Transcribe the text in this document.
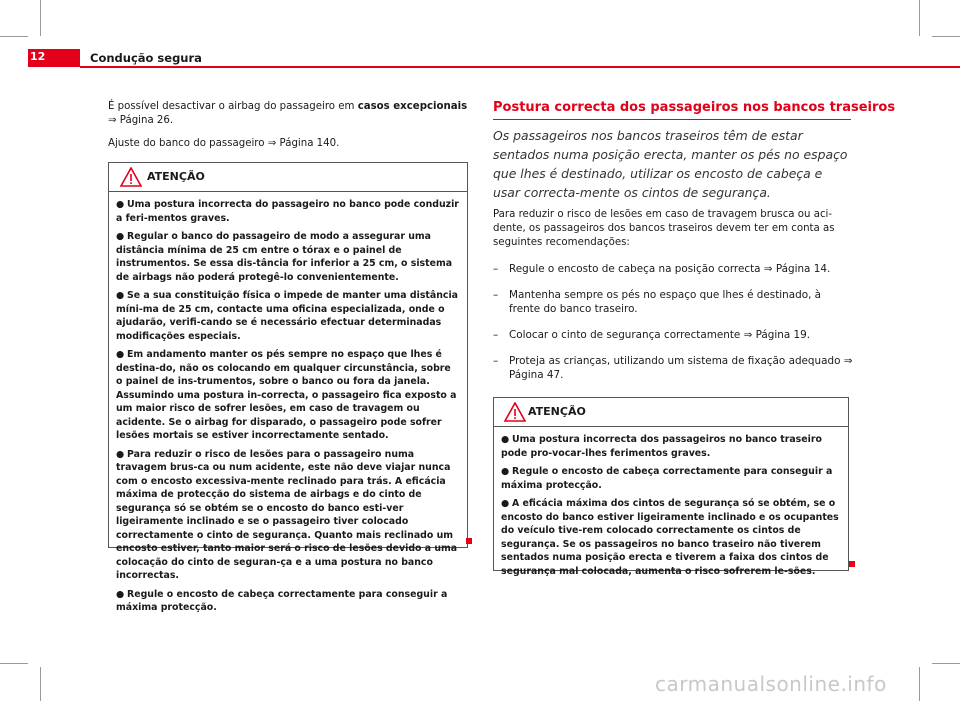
12	Condução segura

É possível desactivar o airbag do passageiro em casos excepcionais

⇒ Página 26.

Ajuste do banco do passageiro ⇒ Página 140.

ATENÇÃO
● Uma postura incorrecta do passageiro no banco pode conduzir a feri-mentos graves.
● Regular o banco do passageiro de modo a assegurar uma distância mínima de 25 cm entre o tórax e o painel de instrumentos. Se essa dis-tância for inferior a 25 cm, o sistema de airbags não poderá protegê-lo convenientemente.
● Se a sua constituição física o impede de manter uma distância míni-ma de 25 cm, contacte uma oficina especializada, onde o ajudarão, verifi-cando se é necessário efectuar determinadas modificações especiais.
● Em andamento manter os pés sempre no espaço que lhes é destina-do, não os colocando em qualquer circunstância, sobre o painel de ins-trumentos, sobre o banco ou fora da janela. Assumindo uma postura in-correcta, o passageiro fica exposto a um maior risco de sofrer lesões, em caso de travagem ou acidente. Se o airbag for disparado, o passageiro pode sofrer lesões mortais se estiver incorrectamente sentado.
● Para reduzir o risco de lesões para o passageiro numa travagem brus-ca ou num acidente, este não deve viajar nunca com o encosto excessiva-mente reclinado para trás. A eficácia máxima de protecção do sistema de airbags e do cinto de segurança só se obtém se o encosto do banco esti-ver ligeiramente inclinado e se o passageiro tiver colocado correctamente o cinto de segurança. Quanto mais reclinado um encosto estiver, tanto maior será o risco de lesões devido a uma colocação do cinto de seguran-ça e a uma postura no banco incorrectas.
● Regule o encosto de cabeça correctamente para conseguir a máxima protecção.
Postura correcta dos passageiros nos bancos traseiros
Os passageiros nos bancos traseiros têm de estar sentados numa posição erecta, manter os pés no espaço que lhes é destinado, utilizar os encosto de cabeça e usar correcta-mente os cintos de segurança.
Para reduzir o risco de lesões em caso de travagem brusca ou aci-dente, os passageiros dos bancos traseiros devem ter em conta as seguintes recomendações:
– Regule o encosto de cabeça na posição correcta ⇒ Página 14.
– Mantenha sempre os pés no espaço que lhes é destinado, à frente do banco traseiro.
– Colocar o cinto de segurança correctamente ⇒ Página 19.
– Proteja as crianças, utilizando um sistema de fixação adequado ⇒ Página 47.
ATENÇÃO
● Uma postura incorrecta dos passageiros no banco traseiro pode pro-vocar-lhes ferimentos graves.
● Regule o encosto de cabeça correctamente para conseguir a máxima protecção.
● A eficácia máxima dos cintos de segurança só se obtém, se o encosto do banco estiver ligeiramente inclinado e os ocupantes do veículo tive-rem colocado correctamente os cintos de segurança. Se os passageiros no banco traseiro não tiverem sentados numa posição erecta e tiverem a faixa dos cintos de segurança mal colocada, aumenta o risco sofrerem le-sões.
carmanualsonline.info
